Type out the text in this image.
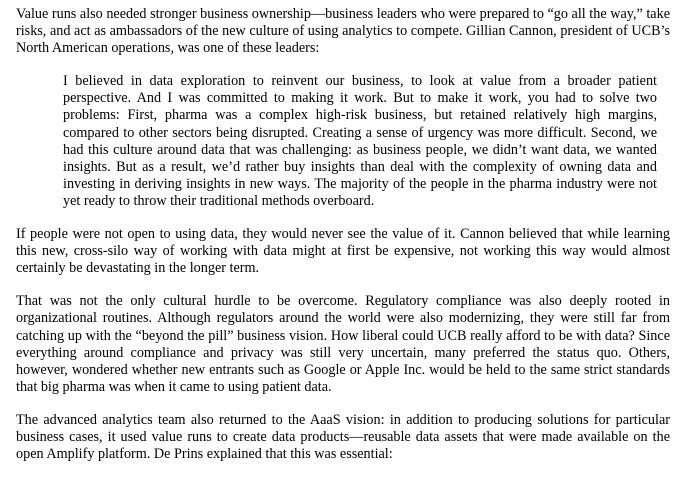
Value runs also needed stronger business ownership—business leaders who were prepared to “go all the way,” take risks, and act as ambassadors of the new culture of using analytics to compete. Gillian Cannon, president of UCB’s North American operations, was one of these leaders:

I believed in data exploration to reinvent our business, to look at value from a broader patient perspective. And I was committed to making it work. But to make it work, you had to solve two problems: First, pharma was a complex high-risk business, but retained relatively high margins, compared to other sectors being disrupted. Creating a sense of urgency was more difficult. Second, we had this culture around data that was challenging: as business people, we didn’t want data, we wanted insights. But as a result, we’d rather buy insights than deal with the complexity of owning data and investing in deriving insights in new ways. The majority of the people in the pharma industry were not yet ready to throw their traditional methods overboard.

If people were not open to using data, they would never see the value of it. Cannon believed that while learning this new, cross-silo way of working with data might at first be expensive, not working this way would almost certainly be devastating in the longer term.

That was not the only cultural hurdle to be overcome. Regulatory compliance was also deeply rooted in organizational routines. Although regulators around the world were also modernizing, they were still far from catching up with the “beyond the pill” business vision. How liberal could UCB really afford to be with data? Since everything around compliance and privacy was still very uncertain, many preferred the status quo. Others, however, wondered whether new entrants such as Google or Apple Inc. would be held to the same strict standards that big pharma was when it came to using patient data.

The advanced analytics team also returned to the AaaS vision: in addition to producing solutions for particular business cases, it used value runs to create data products—reusable data assets that were made available on the open Amplify platform. De Prins explained that this was essential:
